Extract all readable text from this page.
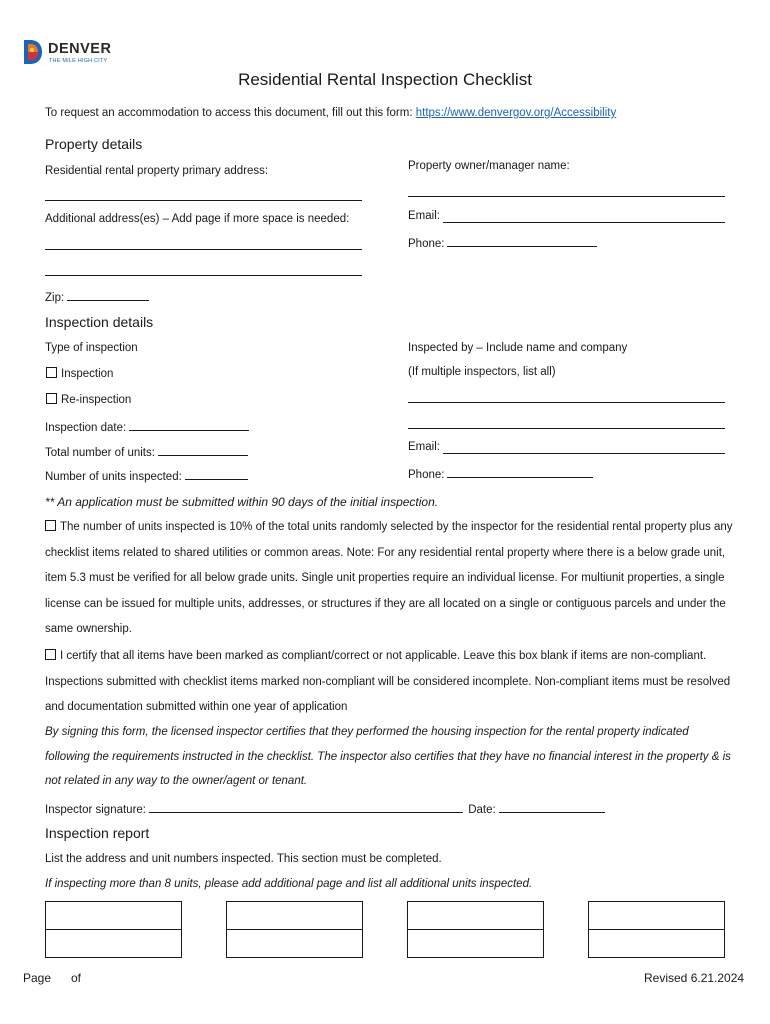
DENVER
THE MILE HIGH CITY
Residential Rental Inspection Checklist
To request an accommodation to access this document, fill out this form: https://www.denvergov.org/Accessibility
Property details
Residential rental property primary address:	Property owner/manager name:
Additional address(es) – Add page if more space is needed:	Email:
Phone:
Zip:
Inspection details
Type of inspection
Inspection
Re-inspection
Inspection date:
Total number of units:
Number of units inspected:
Inspected by – Include name and company
(If multiple inspectors, list all)
Email:
Phone:
** An application must be submitted within 90 days of the initial inspection.
The number of units inspected is 10% of the total units randomly selected by the inspector for the residential rental property plus any checklist items related to shared utilities or common areas. Note: For any residential rental property where there is a below grade unit, item 5.3 must be verified for all below grade units. Single unit properties require an individual license. For multiunit properties, a single license can be issued for multiple units, addresses, or structures if they are all located on a single or contiguous parcels and under the same ownership.
I certify that all items have been marked as compliant/correct or not applicable. Leave this box blank if items are non-compliant. Inspections submitted with checklist items marked non-compliant will be considered incomplete. Non-compliant items must be resolved and documentation submitted within one year of application
By signing this form, the licensed inspector certifies that they performed the housing inspection for the rental property indicated following the requirements instructed in the checklist. The inspector also certifies that they have no financial interest in the property & is not related in any way to the owner/agent or tenant.
Inspector signature:	Date:
Inspection report
List the address and unit numbers inspected. This section must be completed.
If inspecting more than 8 units, please add additional page and list all additional units inspected.
Page of	Revised 6.21.2024
